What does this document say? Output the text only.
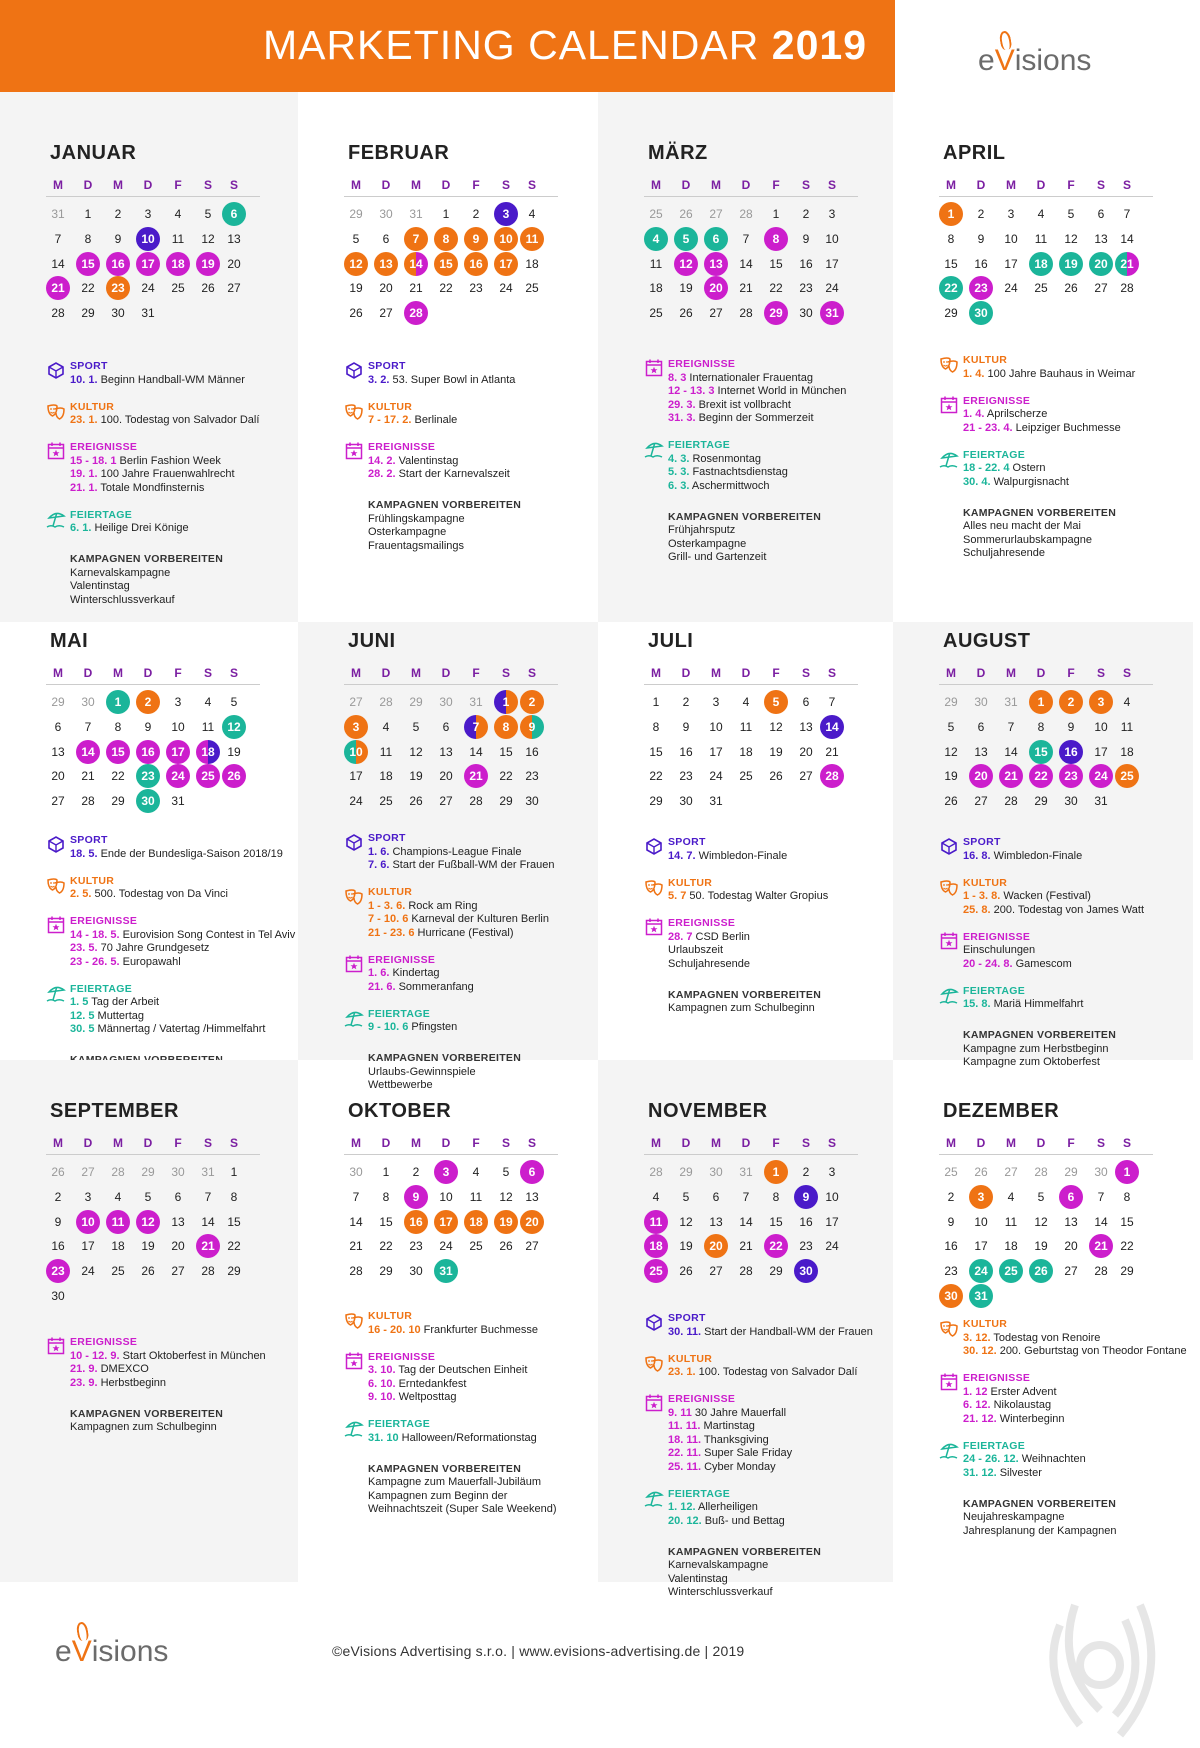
MARKETING CALENDAR 2019	e V isions
JANUAR
M	D	M	D	F	S	S
31	1	2	3	4	5	6
7	8	9	10	11	12	13
14	15	16	17	18	19	20
21	22	23	24	25	26	27
28	29	30	31
SPORT
10. 1. Beginn Handball-WM Männer
KULTUR
23. 1. 100. Todestag von Salvador Dalí
EREIGNISSE
15 - 18. 1 Berlin Fashion Week
19. 1. 100 Jahre Frauenwahlrecht
21. 1. Totale Mondfinsternis
FEIERTAGE
6. 1. Heilige Drei Könige
KAMPAGNEN VORBEREITEN
Karnevalskampagne
Valentinstag
Winterschlussverkauf
FEBRUAR
M	D	M	D	F	S	S
29	30	31	1	2	3	4
5	6	7	8	9	10	11
12	13	14	15	16	17	18
19	20	21	22	23	24	25
26	27	28
SPORT
3. 2. 53. Super Bowl in Atlanta
KULTUR
7 - 17. 2. Berlinale
EREIGNISSE
14. 2. Valentinstag
28. 2. Start der Karnevalszeit
KAMPAGNEN VORBEREITEN
Frühlingskampagne
Osterkampagne
Frauentagsmailings
MÄRZ
M	D	M	D	F	S	S
25	26	27	28	1	2	3
4	5	6	7	8	9	10
11	12	13	14	15	16	17
18	19	20	21	22	23	24
25	26	27	28	29	30	31
EREIGNISSE
8. 3 Internationaler Frauentag
12 - 13. 3 Internet World in München
29. 3. Brexit ist vollbracht
31. 3. Beginn der Sommerzeit
FEIERTAGE
4. 3. Rosenmontag
5. 3. Fastnachtsdienstag
6. 3. Aschermittwoch
KAMPAGNEN VORBEREITEN
Frühjahrsputz
Osterkampagne
Grill- und Gartenzeit
APRIL
M	D	M	D	F	S	S
1	2	3	4	5	6	7
8	9	10	11	12	13	14
15	16	17	18	19	20	21
22	23	24	25	26	27	28
29	30
KULTUR
1. 4. 100 Jahre Bauhaus in Weimar
EREIGNISSE
1. 4. Aprilscherze
21 - 23. 4. Leipziger Buchmesse
FEIERTAGE
18 - 22. 4 Ostern
30. 4. Walpurgisnacht
KAMPAGNEN VORBEREITEN
Alles neu macht der Mai
Sommerurlaubskampagne
Schuljahresende
MAI
M	D	M	D	F	S	S
29	30	1	2	3	4	5
6	7	8	9	10	11	12
13	14	15	16	17	18	19
20	21	22	23	24	25	26
27	28	29	30	31
SPORT
18. 5. Ende der Bundesliga-Saison 2018/19
KULTUR
2. 5. 500. Todestag von Da Vinci
EREIGNISSE
14 - 18. 5. Eurovision Song Contest in Tel Aviv
23. 5. 70 Jahre Grundgesetz
23 - 26. 5. Europawahl
FEIERTAGE
1. 5 Tag der Arbeit
12. 5 Muttertag
30. 5 Männertag / Vatertag /Himmelfahrt
JUNI
M	D	M	D	F	S	S
27	28	29	30	31	1	2
3	4	5	6	7	8	9
10	11	12	13	14	15	16
17	18	19	20	21	22	23
24	25	26	27	28	29	30
SPORT
1. 6. Champions-League Finale
7. 6. Start der Fußball-WM der Frauen
KULTUR
1 - 3. 6. Rock am Ring
7 - 10. 6 Karneval der Kulturen Berlin
21 - 23. 6 Hurricane (Festival)
EREIGNISSE
1. 6. Kindertag
21. 6. Sommeranfang
FEIERTAGE
9 - 10. 6 Pfingsten
KAMPAGNEN VORBEREITEN
Urlaubs-Gewinnspiele
Wettbewerbe
JULI
M	D	M	D	F	S	S
1	2	3	4	5	6	7
8	9	10	11	12	13	14
15	16	17	18	19	20	21
22	23	24	25	26	27	28
29	30	31
SPORT
14. 7. Wimbledon-Finale
KULTUR
5. 7 50. Todestag Walter Gropius
EREIGNISSE
28. 7 CSD Berlin
Urlaubszeit
Schuljahresende
KAMPAGNEN VORBEREITEN
Kampagnen zum Schulbeginn
AUGUST
M	D	M	D	F	S	S
29	30	31	1	2	3	4
5	6	7	8	9	10	11
12	13	14	15	16	17	18
19	20	21	22	23	24	25
26	27	28	29	30	31
SPORT
16. 8. Wimbledon-Finale
KULTUR
1 - 3. 8. Wacken (Festival)
25. 8. 200. Todestag von James Watt
EREIGNISSE
Einschulungen
20 - 24. 8. Gamescom
FEIERTAGE
15. 8. Mariä Himmelfahrt
KAMPAGNEN VORBEREITEN
Kampagne zum Herbstbeginn
Kampagne zum Oktoberfest
SEPTEMBER
M	D	M	D	F	S	S
26	27	28	29	30	31	1
2	3	4	5	6	7	8
9	10	11	12	13	14	15
16	17	18	19	20	21	22
23	24	25	26	27	28	29
30
EREIGNISSE
10 - 12. 9. Start Oktoberfest in München
21. 9. DMEXCO
23. 9. Herbstbeginn
KAMPAGNEN VORBEREITEN
Kampagnen zum Schulbeginn
OKTOBER
M	D	M	D	F	S	S
30	1	2	3	4	5	6
7	8	9	10	11	12	13
14	15	16	17	18	19	20
21	22	23	24	25	26	27
28	29	30	31
KULTUR
16 - 20. 10 Frankfurter Buchmesse
EREIGNISSE
3. 10. Tag der Deutschen Einheit
6. 10. Erntedankfest
9. 10. Weltposttag
FEIERTAGE
31. 10 Halloween/Reformationstag
KAMPAGNEN VORBEREITEN
Kampagne zum Mauerfall-Jubiläum
Kampagnen zum Beginn der
Weihnachtszeit (Super Sale Weekend)
NOVEMBER
M	D	M	D	F	S	S
28	29	30	31	1	2	3
4	5	6	7	8	9	10
11	12	13	14	15	16	17
18	19	20	21	22	23	24
25	26	27	28	29	30
SPORT
30. 11. Start der Handball-WM der Frauen
KULTUR
23. 1. 100. Todestag von Salvador Dalí
EREIGNISSE
9. 11 30 Jahre Mauerfall
11. 11. Martinstag
18. 11. Thanksgiving
22. 11. Super Sale Friday
25. 11. Cyber Monday
FEIERTAGE
1. 12. Allerheiligen
20. 12. Buß- und Bettag
KAMPAGNEN VORBEREITEN
Karnevalskampagne
Valentinstag
Winterschlussverkauf
DEZEMBER
M	D	M	D	F	S	S
25	26	27	28	29	30	1
2	3	4	5	6	7	8
9	10	11	12	13	14	15
16	17	18	19	20	21	22
23	24	25	26	27	28	29
30	31
KULTUR
3. 12. Todestag von Renoire
30. 12. 200. Geburtstag von Theodor Fontane
EREIGNISSE
1. 12 Erster Advent
6. 12. Nikolaustag
21. 12. Winterbeginn
FEIERTAGE
24 - 26. 12. Weihnachten
31. 12. Silvester
KAMPAGNEN VORBEREITEN
Neujahreskampagne
Jahresplanung der Kampagnen
e V isions	©eVisions Advertising s.r.o. | www.evisions-advertising.de | 2019
